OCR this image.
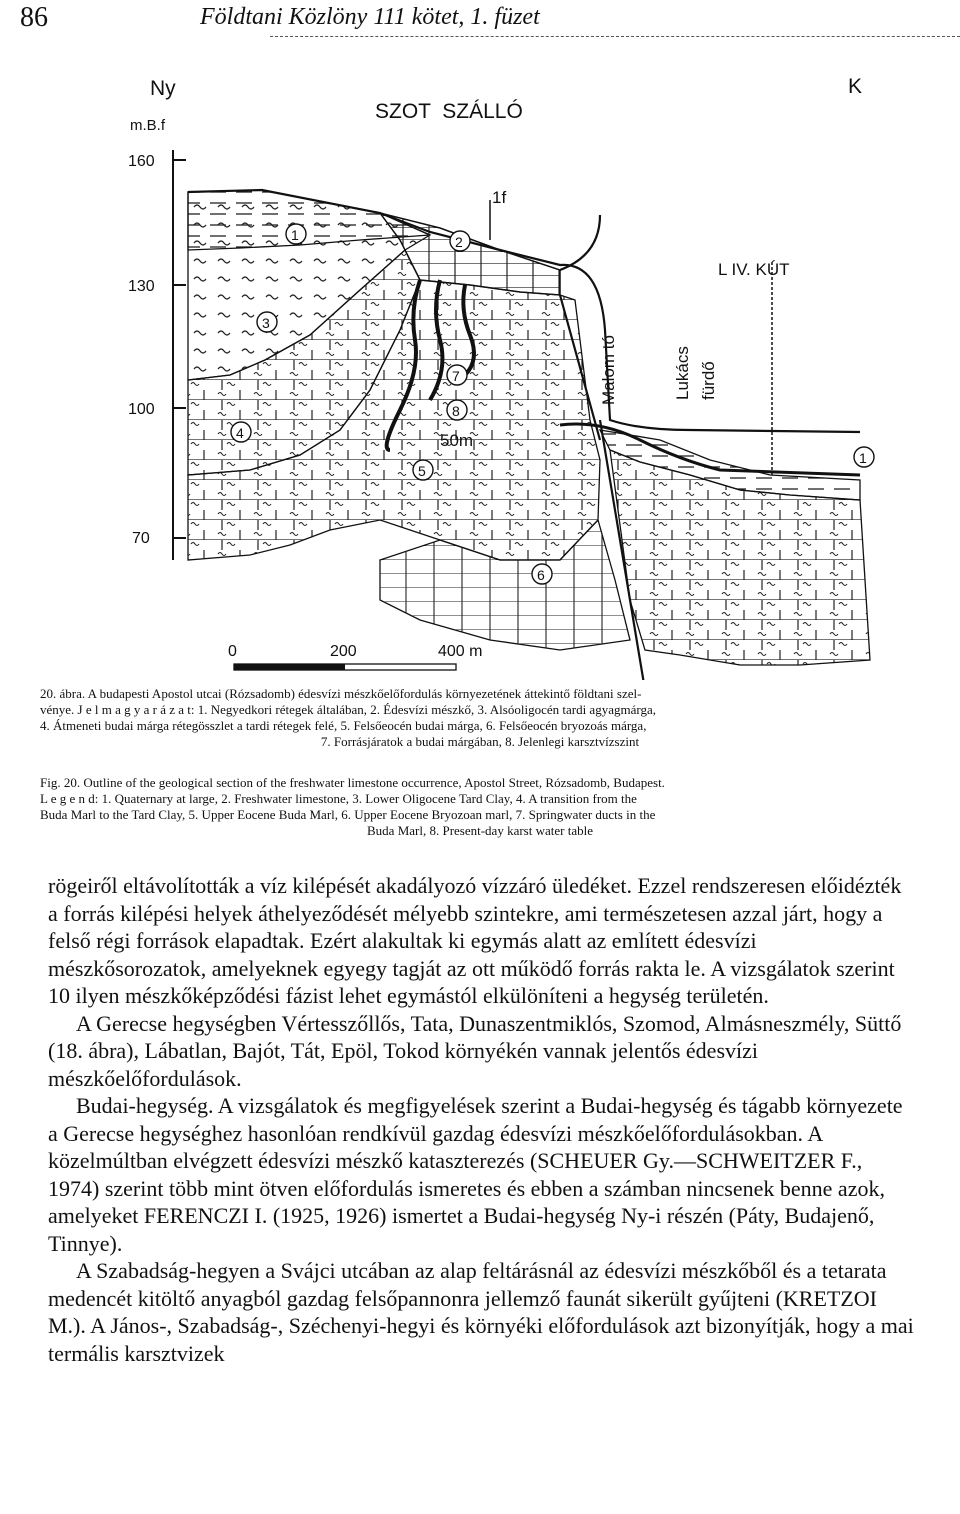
86	Földtani Közlöny 111 kötet, 1. füzet
Ny	K
SZOT  SZÁLLÓ
m.B.f
160
130
100
70
1f
L IV. KÚT
Malom tó	Lukács fürdő
50m
1	2
3
4
5
6
7
8
1
0	200	400 m
20. ábra. A budapesti Apostol utcai (Rózsadomb) édesvízi mészkőelőfordulás környezetének áttekintő földtani szel-
vénye. J e l m a g y a r á z a t: 1. Negyedkori rétegek általában, 2. Édesvízi mészkő, 3. Alsóoligocén tardi agyagmárga,
4. Átmeneti budai márga rétegösszlet a tardi rétegek felé, 5. Felsőeocén budai márga, 6. Felsőeocén bryozoás márga,
7. Forrásjáratok a budai márgában, 8. Jelenlegi karsztvízszint
Fig. 20. Outline of the geological section of the freshwater limestone occurrence, Apostol Street, Rózsadomb, Budapest.
L e g e n d: 1. Quaternary at large, 2. Freshwater limestone, 3. Lower Oligocene Tard Clay, 4. A transition from the
Buda Marl to the Tard Clay, 5. Upper Eocene Buda Marl, 6. Upper Eocene Bryozoan marl, 7. Springwater ducts in the
Buda Marl, 8. Present-day karst water table

rögeiről eltávolították a víz kilépését akadályozó vízzáró üledéket. Ezzel rendszeresen előidézték a forrás kilépési helyek áthelyeződését mélyebb szintekre, ami természetesen azzal járt, hogy a felső régi források elapadtak. Ezért alakultak ki egymás alatt az említett édesvízi mészkősorozatok, amelyeknek egyegy tagját az ott működő forrás rakta le. A vizsgálatok szerint 10 ilyen mészkőképződési fázist lehet egymástól elkülöníteni a hegység területén.

A Gerecse hegységben Vértesszőllős, Tata, Dunaszentmiklós, Szomod, Almásneszmély, Süttő (18. ábra), Lábatlan, Bajót, Tát, Epöl, Tokod környékén vannak jelentős édesvízi mészkőelőfordulások.

Budai-hegység. A vizsgálatok és megfigyelések szerint a Budai-hegység és tágabb környezete a Gerecse hegységhez hasonlóan rendkívül gazdag édesvízi mészkőelőfordulásokban. A közelmúltban elvégzett édesvízi mészkő kataszterezés (SCHEUER Gy.—SCHWEITZER F., 1974) szerint több mint ötven előfordulás ismeretes és ebben a számban nincsenek benne azok, amelyeket FERENCZI I. (1925, 1926) ismertet a Budai-hegység Ny-i részén (Páty, Budajenő, Tinnye).

A Szabadság-hegyen a Svájci utcában az alap feltárásnál az édesvízi mészkőből és a tetarata medencét kitöltő anyagból gazdag felsőpannonra jellemző faunát sikerült gyűjteni (KRETZOI M.). A János-, Szabadság-, Széchenyi-hegyi és környéki előfordulások azt bizonyítják, hogy a mai termális karsztvizek
